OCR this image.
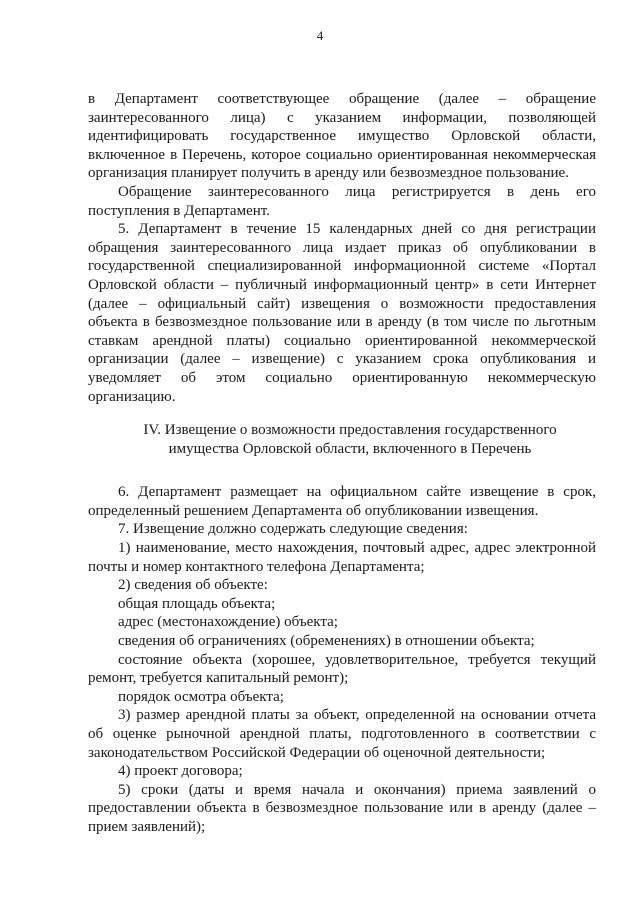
4

в Департамент соответствующее обращение (далее – обращение заинтересованного лица) с указанием информации, позволяющей идентифицировать государственное имущество Орловской области, включенное в Перечень, которое социально ориентированная некоммерческая организация планирует получить в аренду или безвозмездное пользование.

Обращение заинтересованного лица регистрируется в день его поступления в Департамент.

5. Департамент в течение 15 календарных дней со дня регистрации обращения заинтересованного лица издает приказ об опубликовании в государственной специализированной информационной системе «Портал Орловской области – публичный информационный центр» в сети Интернет (далее – официальный сайт) извещения о возможности предоставления объекта в безвозмездное пользование или в аренду (в том числе по льготным ставкам арендной платы) социально ориентированной некоммерческой организации (далее – извещение) с указанием срока опубликования и уведомляет об этом социально ориентированную некоммерческую организацию.

IV. Извещение о возможности предоставления государственного имущества Орловской области, включенного в Перечень

6. Департамент размещает на официальном сайте извещение в срок, определенный решением Департамента об опубликовании извещения.

7. Извещение должно содержать следующие сведения:

1) наименование, место нахождения, почтовый адрес, адрес электронной почты и номер контактного телефона Департамента;

2) сведения об объекте:

общая площадь объекта;

адрес (местонахождение) объекта;

сведения об ограничениях (обременениях) в отношении объекта;

состояние объекта (хорошее, удовлетворительное, требуется текущий ремонт, требуется капитальный ремонт);

порядок осмотра объекта;

3) размер арендной платы за объект, определенной на основании отчета об оценке рыночной арендной платы, подготовленного в соответствии с законодательством Российской Федерации об оценочной деятельности;

4) проект договора;

5) сроки (даты и время начала и окончания) приема заявлений о предоставлении объекта в безвозмездное пользование или в аренду (далее – прием заявлений);
